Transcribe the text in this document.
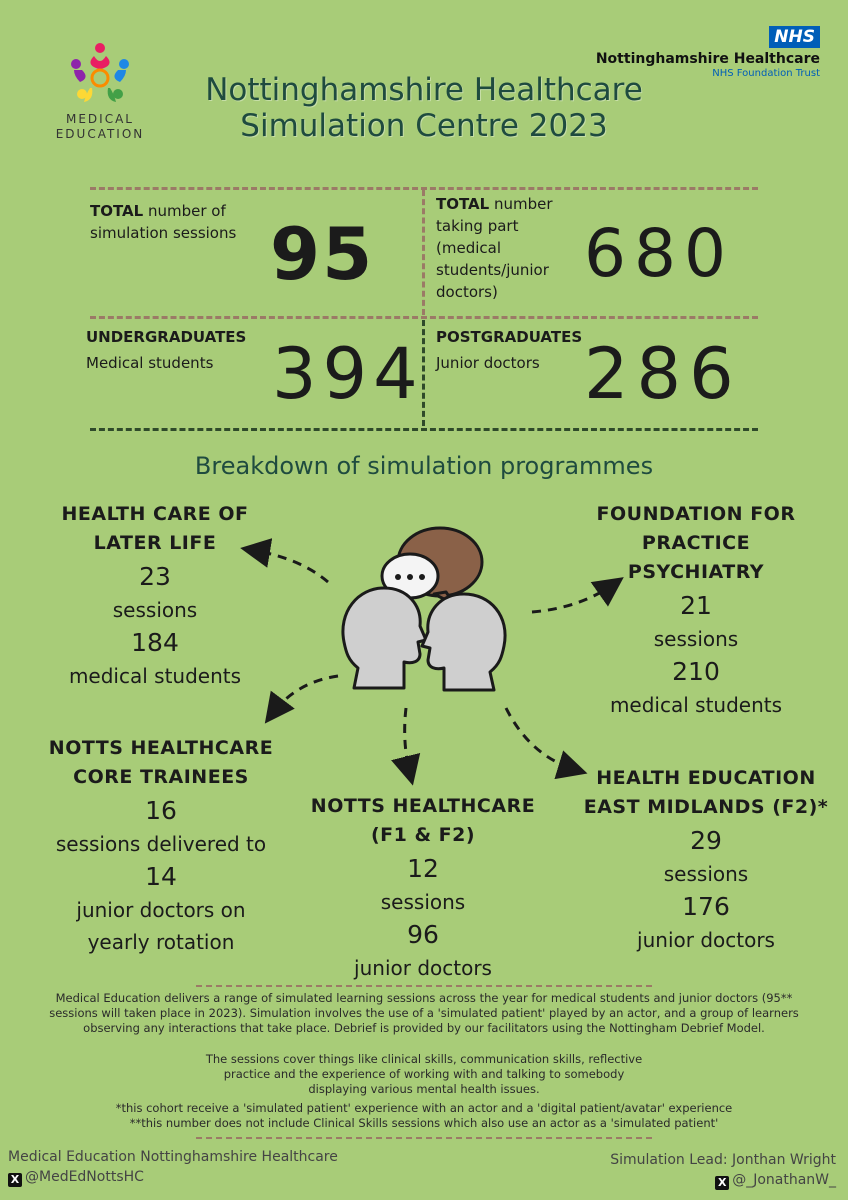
MEDICAL
EDUCATION
NHS
Nottinghamshire Healthcare
NHS Foundation Trust
Nottinghamshire Healthcare
Simulation Centre 2023
TOTAL number of
simulation sessions 95
TOTAL number
taking part
(medical
students/junior
doctors)	680
UNDERGRADUATES
Medical students 394 POSTGRADUATES
Junior doctors 286
Breakdown of simulation programmes
HEALTH CARE OF
LATER LIFE
23
sessions
184
medical students
FOUNDATION FOR
PRACTICE
PSYCHIATRY
21
sessions
210
medical students
NOTTS HEALTHCARE
CORE TRAINEES
16
sessions delivered to
14
junior doctors on
yearly rotation
NOTTS HEALTHCARE
(F1 & F2)
12
sessions
96
junior doctors
HEALTH EDUCATION
EAST MIDLANDS (F2)*
29
sessions
176
junior doctors
Medical Education delivers a range of simulated learning sessions across the year for medical students and junior doctors (95** sessions will taken place in 2023). Simulation involves the use of a 'simulated patient' played by an actor, and a group of learners observing any interactions that take place. Debrief is provided by our facilitators using the Nottingham Debrief Model.
The sessions cover things like clinical skills, communication skills, reflective practice and the experience of working with and talking to somebody displaying various mental health issues.
*this cohort receive a 'simulated patient' experience with an actor and a 'digital patient/avatar' experience
**this number does not include Clinical Skills sessions which also use an actor as a 'simulated patient'
Medical Education Nottinghamshire Healthcare
X @MedEdNottsHC
Simulation Lead: Jonthan Wright
X @_JonathanW_
